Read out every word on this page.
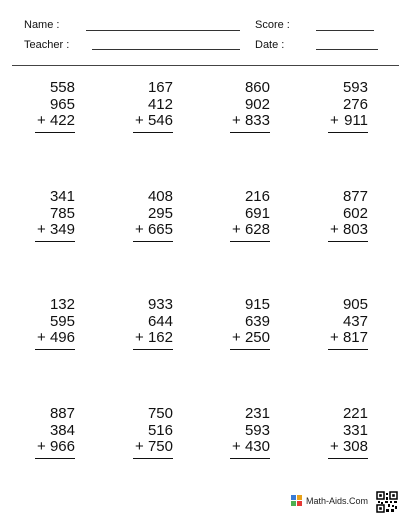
Name :	Score :
Teacher :	Date :
558
965
+ 422
167
412
+ 546
860
902
+ 833
593
276
+ 911
341
785
+ 349
408
295
+ 665
216
691
+ 628
877
602
+ 803
132
595
+ 496
933
644
+ 162
915
639
+ 250
905
437
+ 817
887
384
+ 966
750
516
+ 750
231
593
+ 430
221
331
+ 308
Math-Aids.Com
